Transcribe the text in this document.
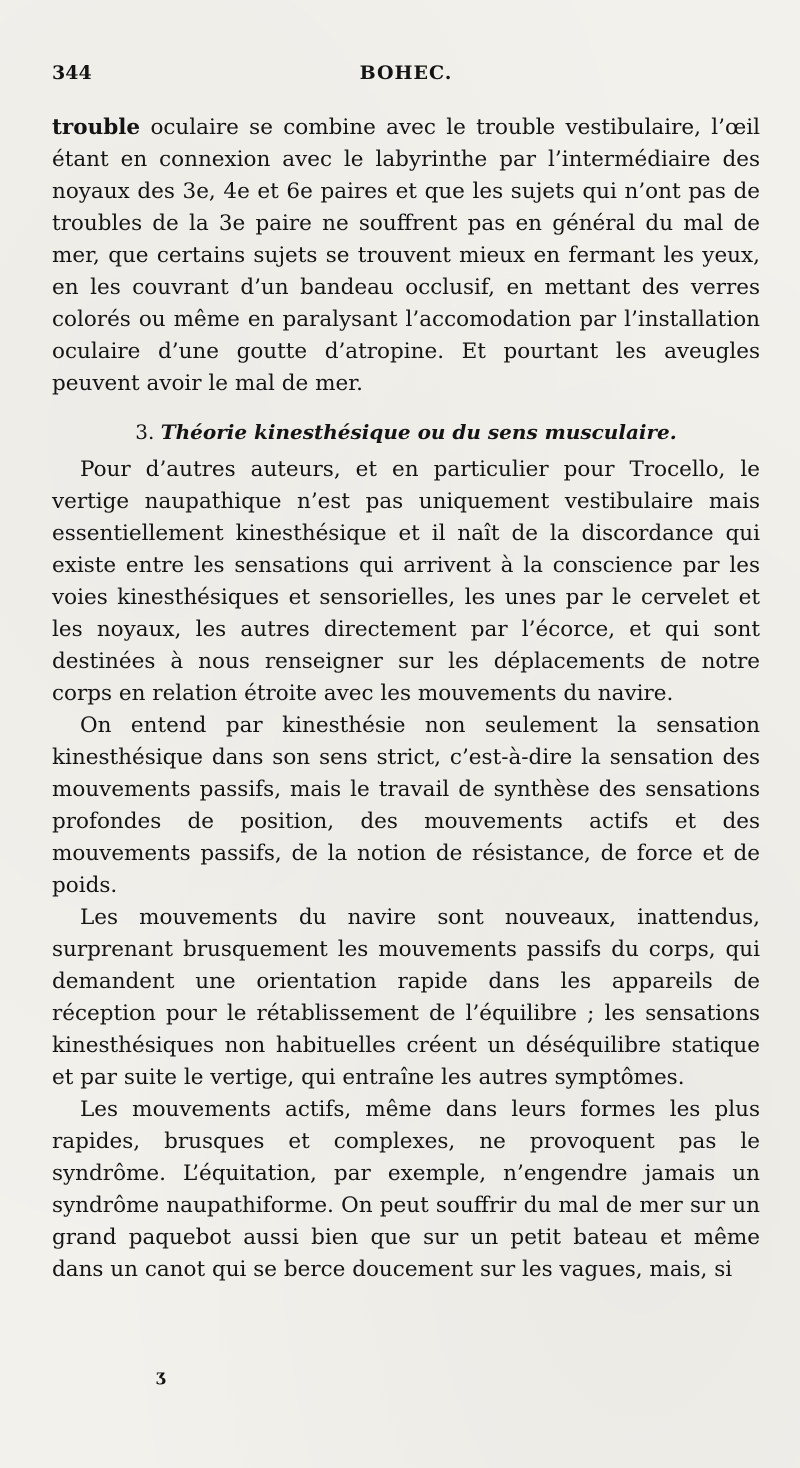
344	BOHEC.

trouble oculaire se combine avec le trouble vestibulaire, l’œil étant en connexion avec le labyrinthe par l’intermédiaire des noyaux des 3e, 4e et 6e paires et que les sujets qui n’ont pas de troubles de la 3e paire ne souffrent pas en général du mal de mer, que certains sujets se trouvent mieux en fermant les yeux, en les couvrant d’un bandeau occlusif, en mettant des verres colorés ou même en paralysant l’accomodation par l’installation oculaire d’une goutte d’atropine. Et pourtant les aveugles peuvent avoir le mal de mer.

3. Théorie kinesthésique ou du sens musculaire.

Pour d’autres auteurs, et en particulier pour Trocello, le vertige naupathique n’est pas uniquement vestibulaire mais essentiellement kinesthésique et il naît de la discordance qui existe entre les sensations qui arrivent à la conscience par les voies kinesthésiques et sensorielles, les unes par le cervelet et les noyaux, les autres directement par l’écorce, et qui sont destinées à nous renseigner sur les déplacements de notre corps en relation étroite avec les mouvements du navire.

On entend par kinesthésie non seulement la sensation kinesthésique dans son sens strict, c’est-à-dire la sensation des mouvements passifs, mais le travail de synthèse des sensations profondes de position, des mouvements actifs et des mouvements passifs, de la notion de résistance, de force et de poids.

Les mouvements du navire sont nouveaux, inattendus, surprenant brusquement les mouvements passifs du corps, qui demandent une orientation rapide dans les appareils de réception pour le rétablissement de l’équilibre ; les sensations kinesthésiques non habituelles créent un déséquilibre statique et par suite le vertige, qui entraîne les autres symptômes.

Les mouvements actifs, même dans leurs formes les plus rapides, brusques et complexes, ne provoquent pas le syndrôme. L’équitation, par exemple, n’engendre jamais un syndrôme naupathiforme. On peut souffrir du mal de mer sur un grand paquebot aussi bien que sur un petit bateau et même dans un canot qui se berce doucement sur les vagues, mais, si

ʒ
